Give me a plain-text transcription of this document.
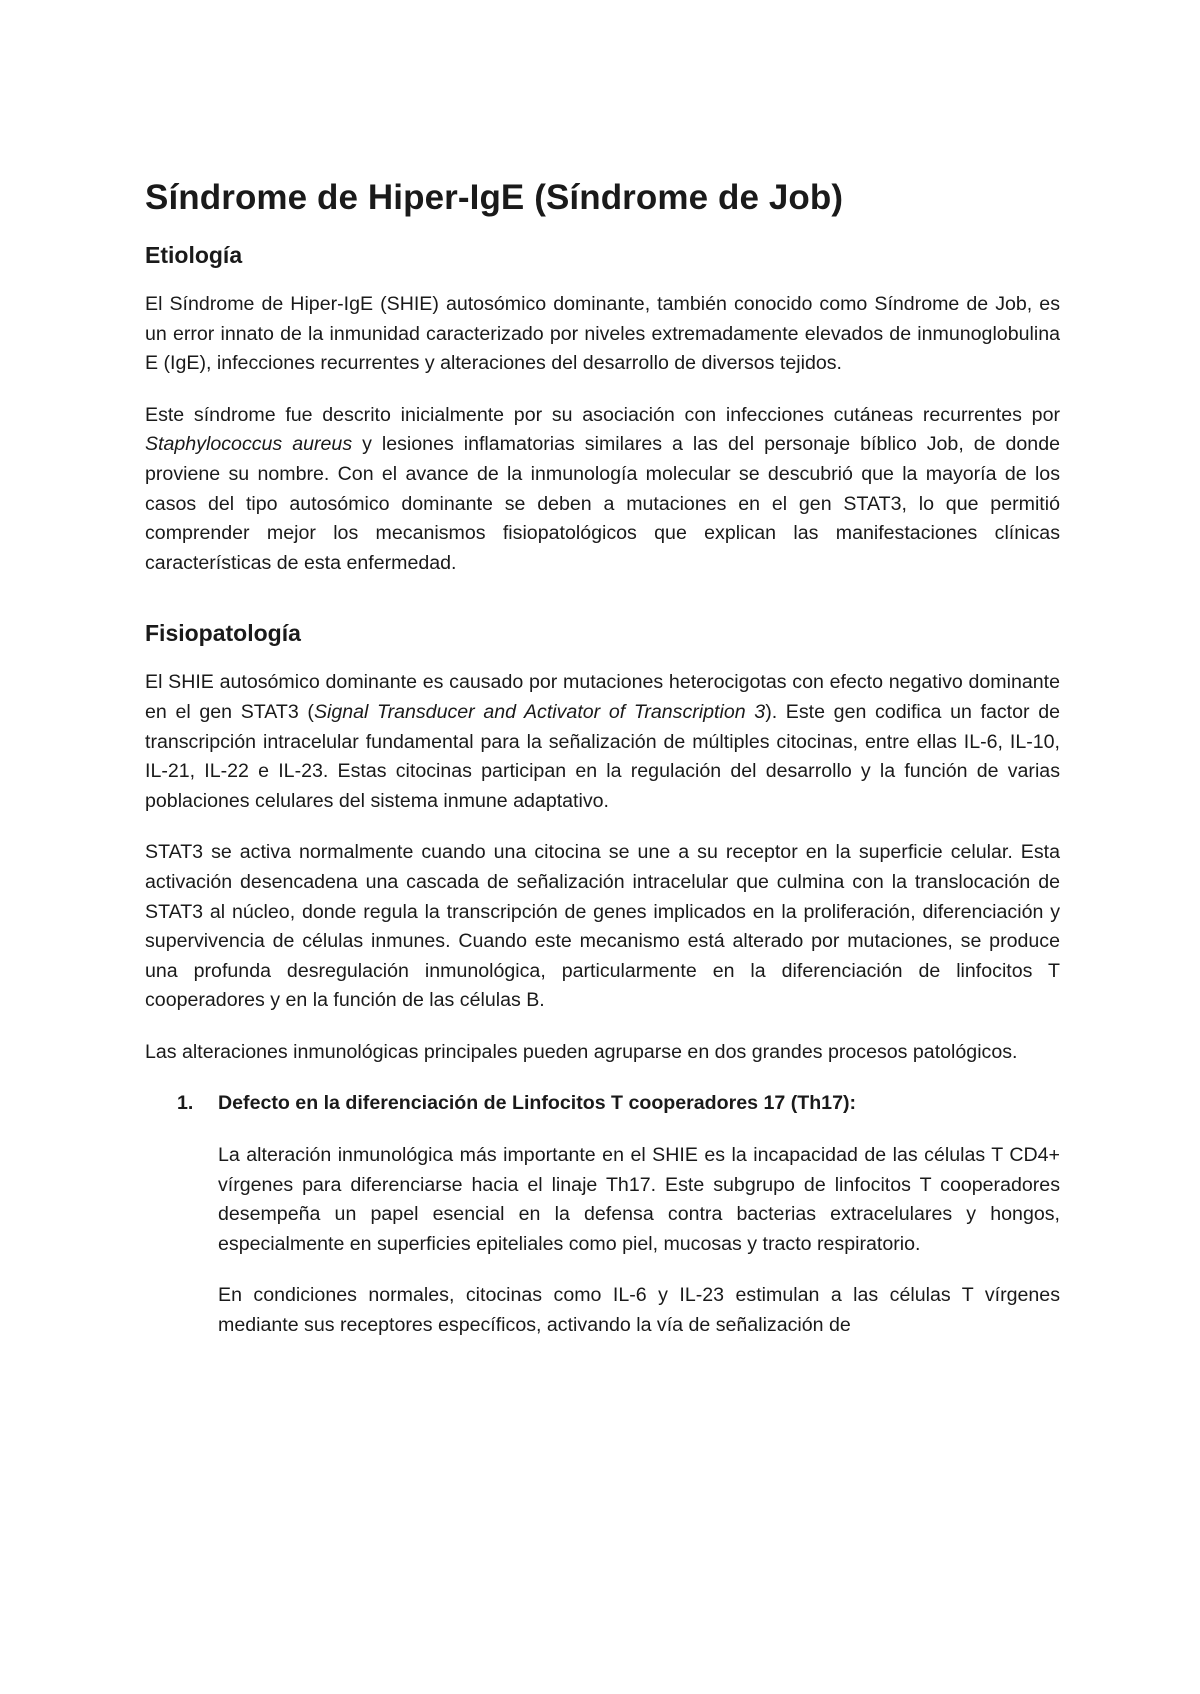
Síndrome de Hiper-IgE (Síndrome de Job)
Etiología

El Síndrome de Hiper-IgE (SHIE) autosómico dominante, también conocido como Síndrome de Job, es un error innato de la inmunidad caracterizado por niveles extremadamente elevados de inmunoglobulina E (IgE), infecciones recurrentes y alteraciones del desarrollo de diversos tejidos.

Este síndrome fue descrito inicialmente por su asociación con infecciones cutáneas recurrentes por Staphylococcus aureus y lesiones inflamatorias similares a las del personaje bíblico Job, de donde proviene su nombre. Con el avance de la inmunología molecular se descubrió que la mayoría de los casos del tipo autosómico dominante se deben a mutaciones en el gen STAT3, lo que permitió comprender mejor los mecanismos fisiopatológicos que explican las manifestaciones clínicas características de esta enfermedad.

Fisiopatología

El SHIE autosómico dominante es causado por mutaciones heterocigotas con efecto negativo dominante en el gen STAT3 (Signal Transducer and Activator of Transcription 3). Este gen codifica un factor de transcripción intracelular fundamental para la señalización de múltiples citocinas, entre ellas IL-6, IL-10, IL-21, IL-22 e IL-23. Estas citocinas participan en la regulación del desarrollo y la función de varias poblaciones celulares del sistema inmune adaptativo.

STAT3 se activa normalmente cuando una citocina se une a su receptor en la superficie celular. Esta activación desencadena una cascada de señalización intracelular que culmina con la translocación de STAT3 al núcleo, donde regula la transcripción de genes implicados en la proliferación, diferenciación y supervivencia de células inmunes. Cuando este mecanismo está alterado por mutaciones, se produce una profunda desregulación inmunológica, particularmente en la diferenciación de linfocitos T cooperadores y en la función de las células B.

Las alteraciones inmunológicas principales pueden agruparse en dos grandes procesos patológicos.

1. Defecto en la diferenciación de Linfocitos T cooperadores 17 (Th17):

La alteración inmunológica más importante en el SHIE es la incapacidad de las células T CD4+ vírgenes para diferenciarse hacia el linaje Th17. Este subgrupo de linfocitos T cooperadores desempeña un papel esencial en la defensa contra bacterias extracelulares y hongos, especialmente en superficies epiteliales como piel, mucosas y tracto respiratorio.

En condiciones normales, citocinas como IL-6 y IL-23 estimulan a las células T vírgenes mediante sus receptores específicos, activando la vía de señalización de
